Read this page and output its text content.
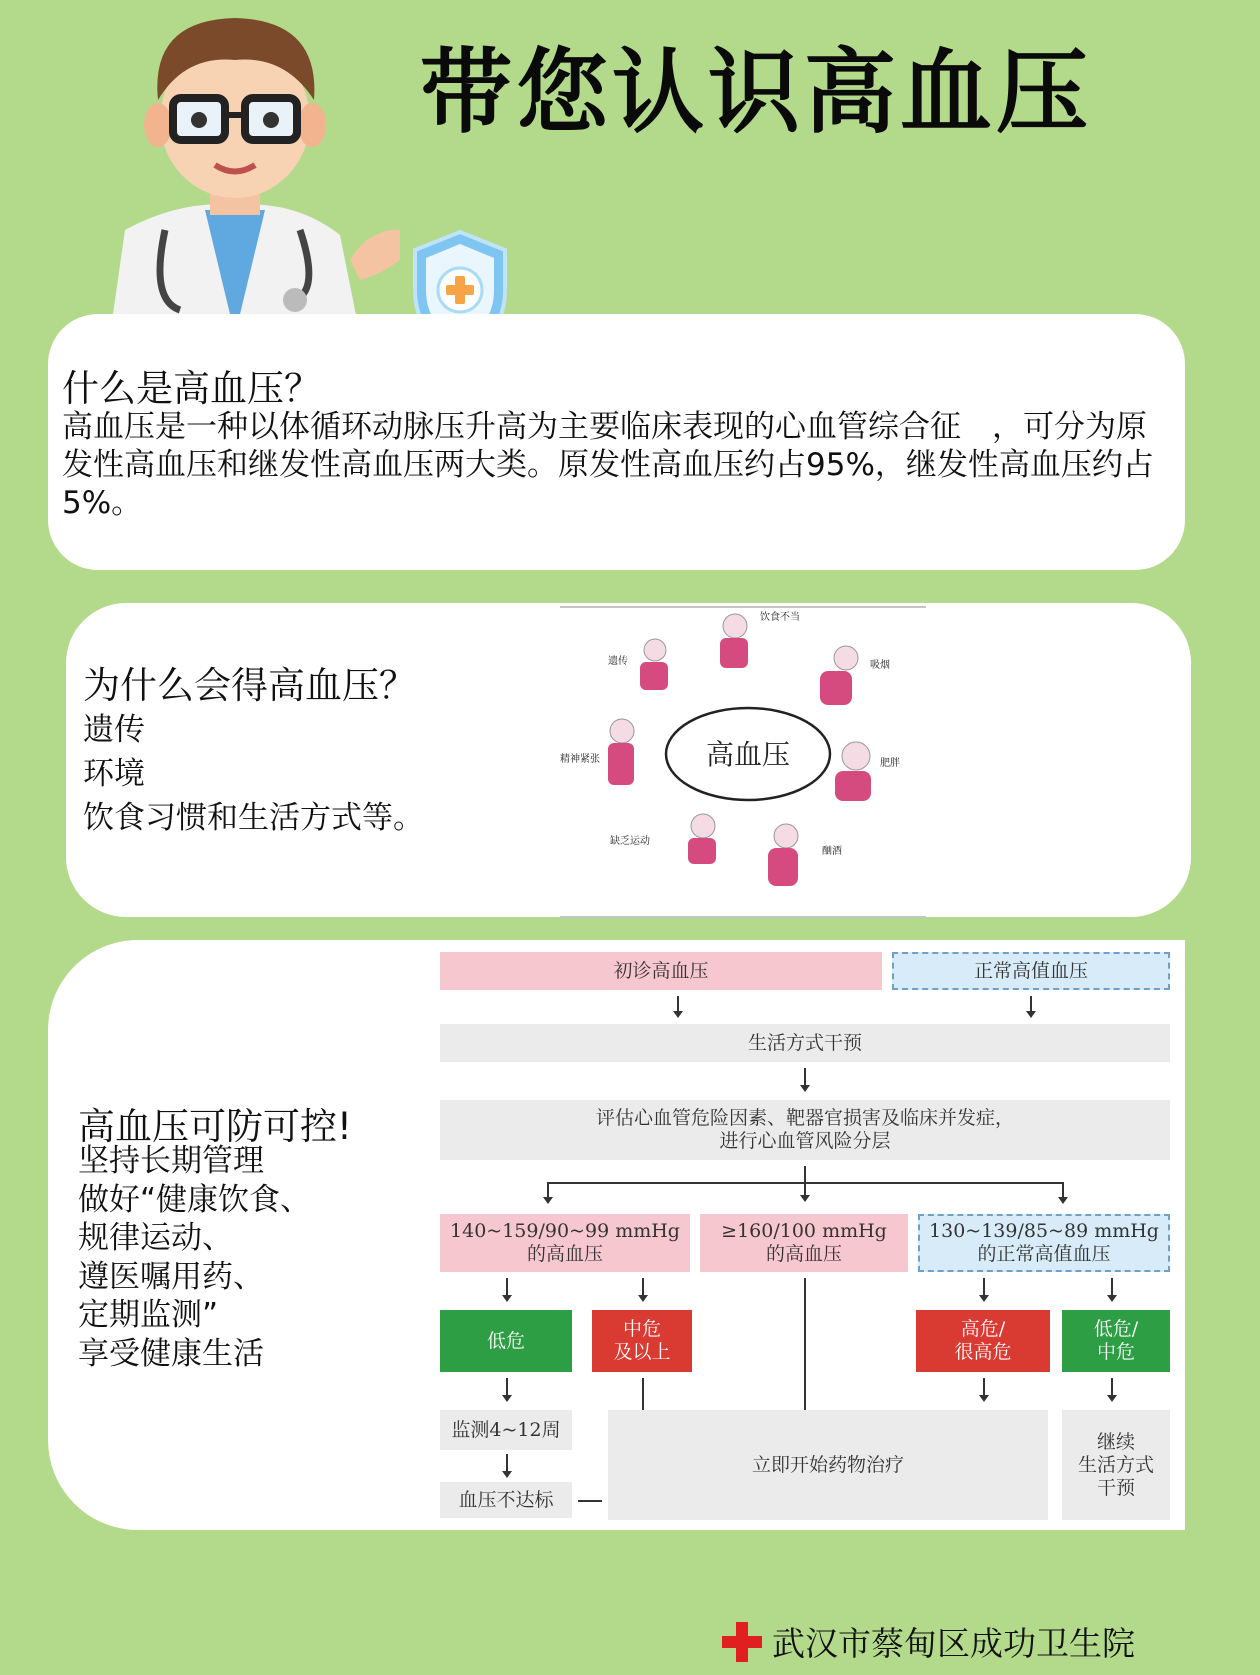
带您认识高血压
什么是高血压？
高血压是一种以体循环动脉压升高为主要临床表现的心血管综合征　，可分为原发性高血压和继发性高血压两大类。原发性高血压约占95%，继发性高血压约占5%。
为什么会得高血压？
遗传
环境
饮食习惯和生活方式等。
高血压
饮食不当
吸烟
肥胖
酗酒
缺乏运动
精神紧张
遗传
高血压可防可控!
坚持长期管理
做好“健康饮食、
规律运动、
遵医嘱用药、
定期监测”
享受健康生活
初诊高血压	正常高值血压
生活方式干预
评估心血管危险因素、靶器官损害及临床并发症，
进行心血管风险分层
140~159/90~99 mmHg
的高血压
≥160/100 mmHg
的高血压
130~139/85~89 mmHg
的正常高值血压
低危
中危
及以上
高危/
很高危
低危/
中危
监测4~12周
血压不达标
立即开始药物治疗
继续
生活方式
干预
武汉市蔡甸区成功卫生院
